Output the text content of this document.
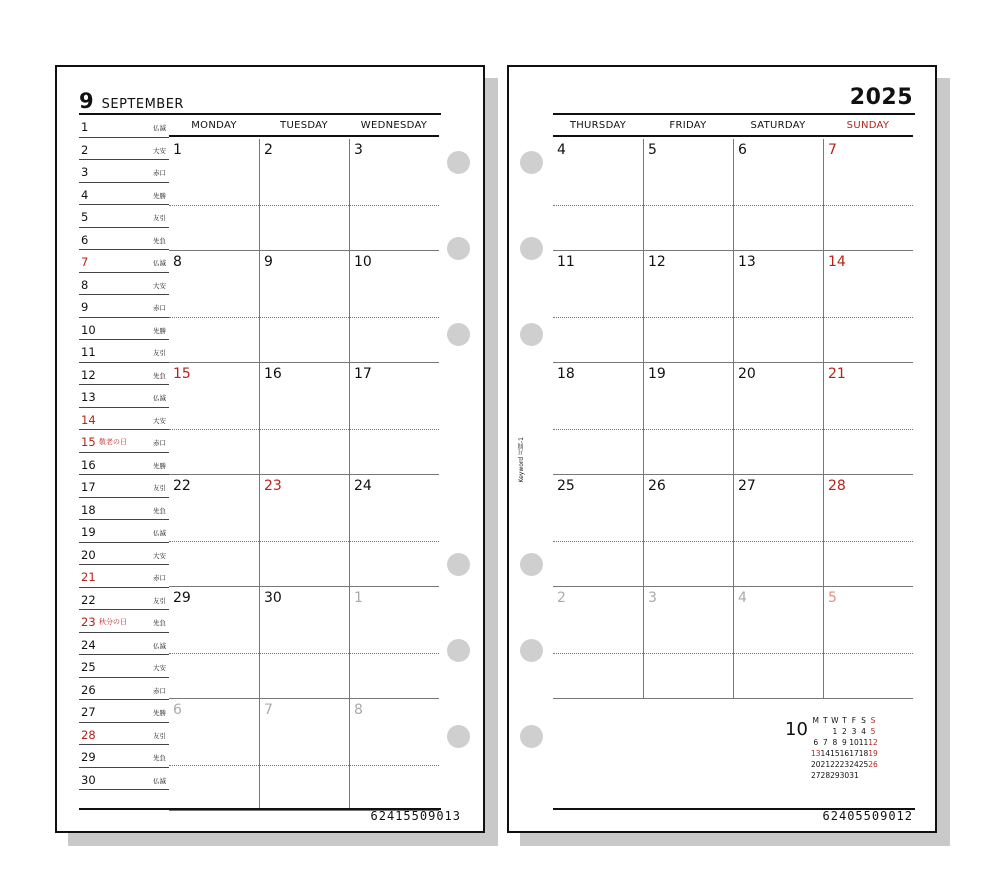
9 SEPTEMBER
1	仏滅
2	大安
3	赤口
4	先勝
5	友引
6	先負
7	仏滅
8	大安
9	赤口
10	先勝
11	友引
12	先負
13	仏滅
14	大安
15 敬老の日	赤口
16	先勝
17	友引
18	先負
19	仏滅
20	大安
21	赤口
22	友引
23 秋分の日	先負
24	仏滅
25	大安
26	赤口
27	先勝
28	友引
29	先負
30	仏滅
MONDAY	TUESDAY	WEDNESDAY
1	2	3
8	9	10
15	16	17
22	23	24
29	30	1
6	7	8
62415509013
2025
Keyword 月間-1
THURSDAY	FRIDAY	SATURDAY	SUNDAY
4	5	6	7
11	12	13	14
18	19	20	21
25	26	27	28
2	3	4	5
10 M	T	W	T	F	S	S
		1	2	3	4	5
6	7	8	9	10	11	12
13	14	15	16	17	18	19
20	21	22	23	24	25	26
27	28	29	30	31		
62405509012
